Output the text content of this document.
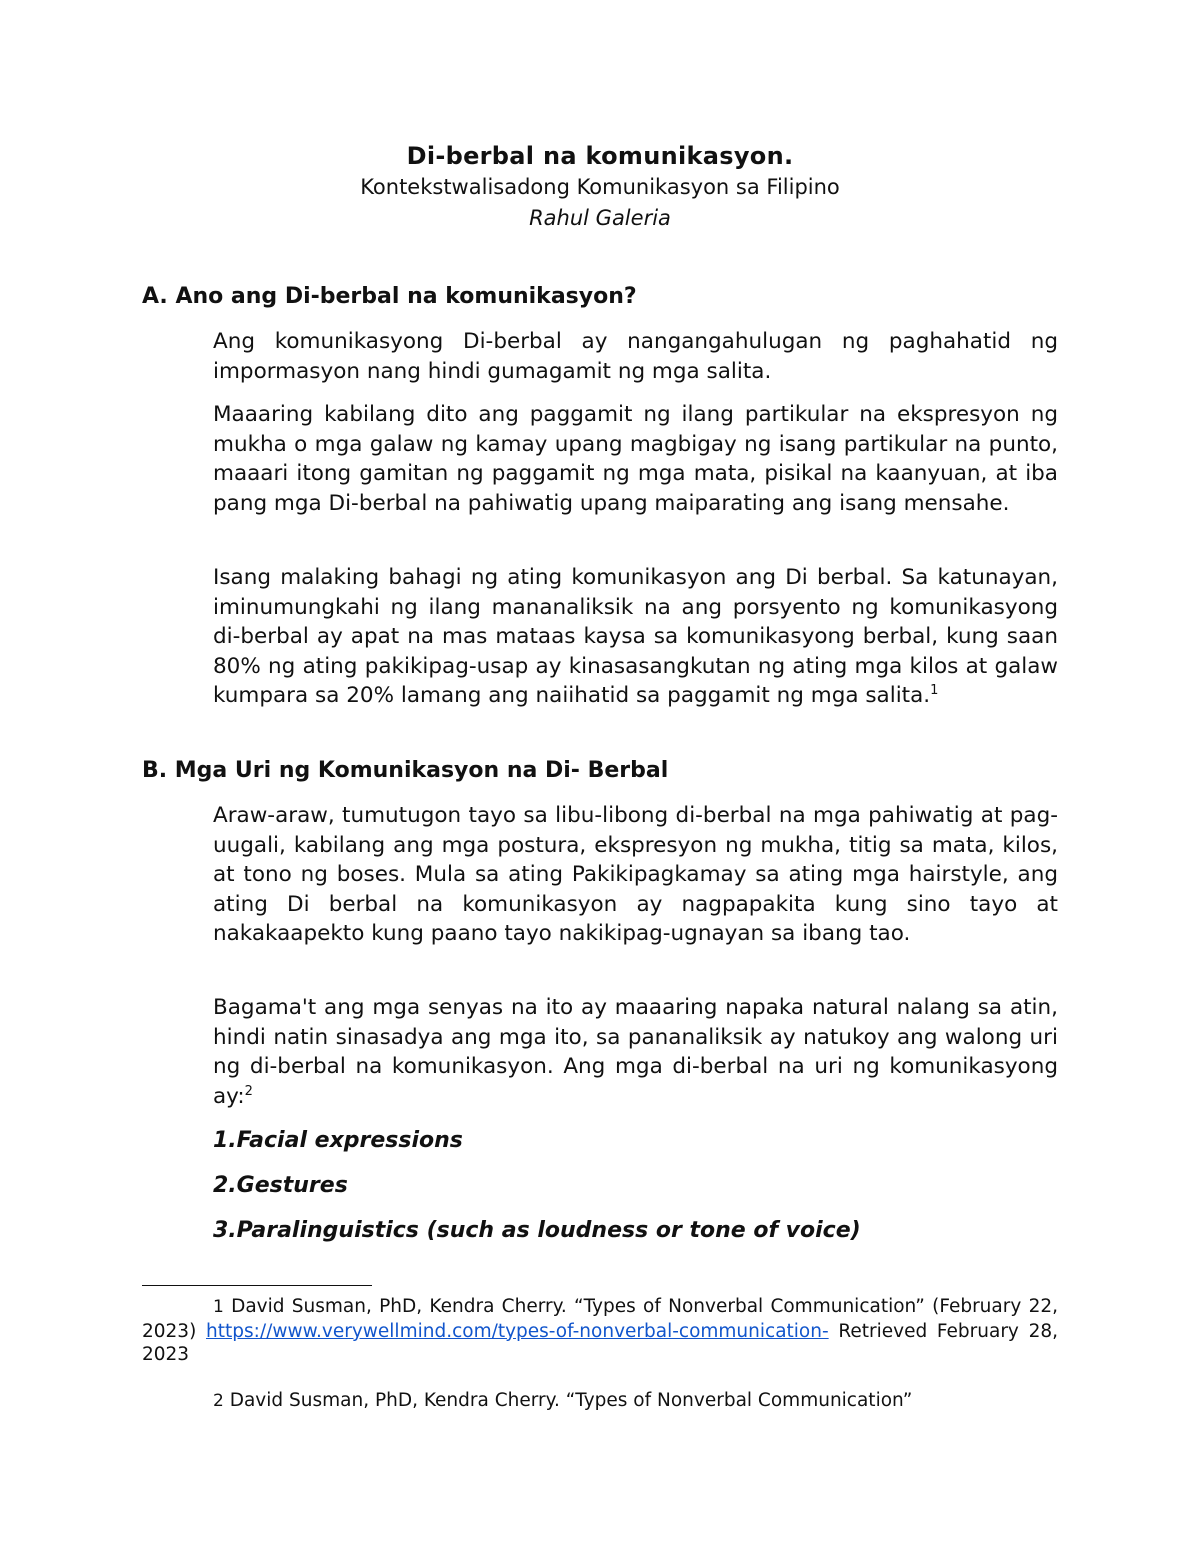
Di-berbal na komunikasyon.
Kontekstwalisadong Komunikasyon sa Filipino
Rahul Galeria
A. Ano ang Di-berbal na komunikasyon?

Ang komunikasyong Di-berbal ay nangangahulugan ng paghahatid ng impormasyon nang hindi gumagamit ng mga salita.

Maaaring kabilang dito ang paggamit ng ilang partikular na ekspresyon ng mukha o mga galaw ng kamay upang magbigay ng isang partikular na punto, maaari itong gamitan ng paggamit ng mga mata, pisikal na kaanyuan, at iba pang mga Di-berbal na pahiwatig upang maiparating ang isang mensahe.

Isang malaking bahagi ng ating komunikasyon ang Di berbal. Sa katunayan, iminumungkahi ng ilang mananaliksik na ang porsyento ng komunikasyong di-berbal ay apat na mas mataas kaysa sa komunikasyong berbal, kung saan 80% ng ating pakikipag-usap ay kinasasangkutan ng ating mga kilos at galaw kumpara sa 20% lamang ang naiihatid sa paggamit ng mga salita.$^1$

B. Mga Uri ng Komunikasyon na Di- Berbal

Araw-araw, tumutugon tayo sa libu-libong di-berbal na mga pahiwatig at pag-uugali, kabilang ang mga postura, ekspresyon ng mukha, titig sa mata, kilos, at tono ng boses. Mula sa ating Pakikipagkamay sa ating mga hairstyle, ang ating Di berbal na komunikasyon ay nagpapakita kung sino tayo at nakakaapekto kung paano tayo nakikipag-ugnayan sa ibang tao.

Bagama't ang mga senyas na ito ay maaaring napaka natural nalang sa atin, hindi natin sinasadya ang mga ito, sa pananaliksik ay natukoy ang walong uri ng di-berbal na komunikasyon. Ang mga di-berbal na uri ng komunikasyong ay:$^2$

1.Facial expressions
2.Gestures
3.Paralinguistics (such as loudness or tone of voice)

1 David Susman, PhD, Kendra Cherry. “Types of Nonverbal Communication” (February 22, 2023) https://www.verywellmind.com/types-of-nonverbal-communication- Retrieved February 28, 2023

2 David Susman, PhD, Kendra Cherry. “Types of Nonverbal Communication”
